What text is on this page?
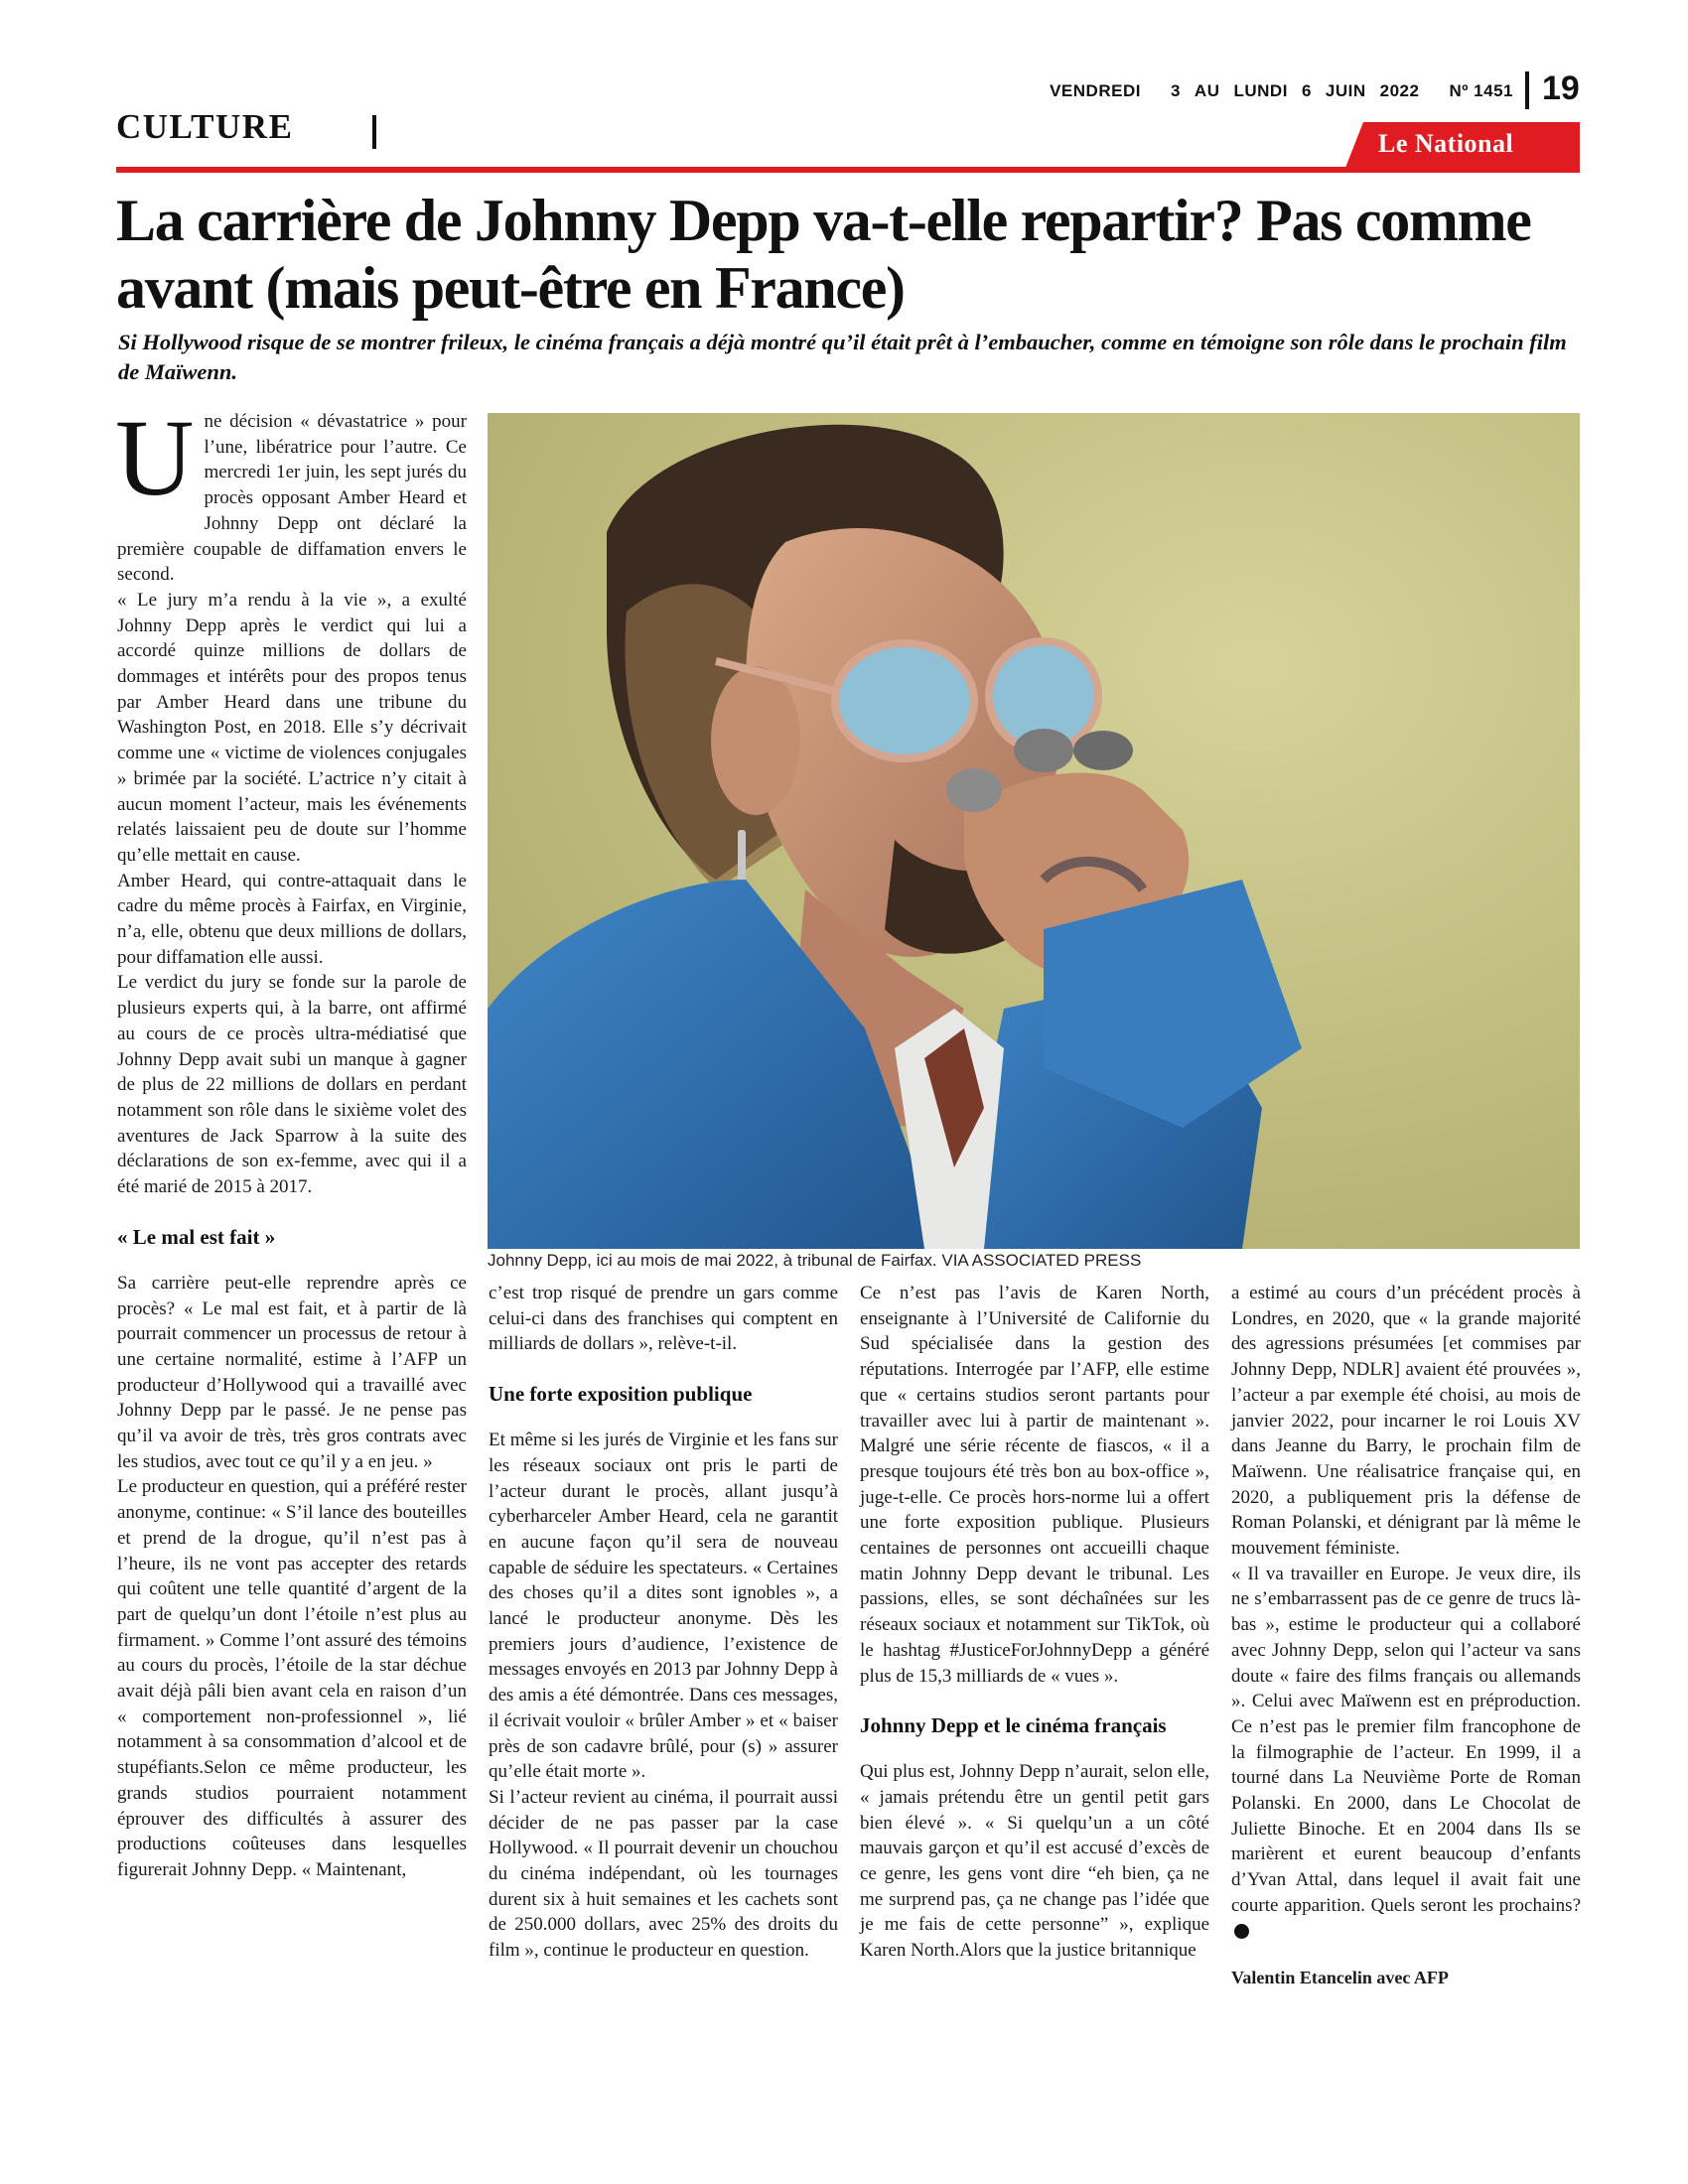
VENDREDI 3 AU LUNDI 6 JUIN 2022 Nº 1451 19
CULTURE	Le National
La carrière de Johnny Depp va-t-elle repartir? Pas comme avant (mais peut-être en France)

Si Hollywood risque de se montrer frileux, le cinéma français a déjà montré qu’il était prêt à l’embaucher, comme en témoigne son rôle dans le prochain film de Maïwenn.

Une décision « dévastatrice » pour l’une, libératrice pour l’autre. Ce mercredi 1er juin, les sept jurés du procès opposant Amber Heard et Johnny Depp ont déclaré la première coupable de diffamation envers le second.

« Le jury m’a rendu à la vie », a exulté Johnny Depp après le verdict qui lui a accordé quinze millions de dollars de dommages et intérêts pour des propos tenus par Amber Heard dans une tribune du Washington Post, en 2018. Elle s’y décrivait comme une « victime de violences conjugales » brimée par la société. L’actrice n’y citait à aucun moment l’acteur, mais les événements relatés laissaient peu de doute sur l’homme qu’elle mettait en cause.

Amber Heard, qui contre-attaquait dans le cadre du même procès à Fairfax, en Virginie, n’a, elle, obtenu que deux millions de dollars, pour diffamation elle aussi.

Le verdict du jury se fonde sur la parole de plusieurs experts qui, à la barre, ont affirmé au cours de ce procès ultra-médiatisé que Johnny Depp avait subi un manque à gagner de plus de 22 millions de dollars en perdant notamment son rôle dans le sixième volet des aventures de Jack Sparrow à la suite des déclarations de son ex-femme, avec qui il a été marié de 2015 à 2017.

« Le mal est fait »

Sa carrière peut-elle reprendre après ce procès? « Le mal est fait, et à partir de là pourrait commencer un processus de retour à une certaine normalité, estime à l’AFP un producteur d’Hollywood qui a travaillé avec Johnny Depp par le passé. Je ne pense pas qu’il va avoir de très, très gros contrats avec les studios, avec tout ce qu’il y a en jeu. »

Le producteur en question, qui a préféré rester anonyme, continue: « S’il lance des bouteilles et prend de la drogue, qu’il n’est pas à l’heure, ils ne vont pas accepter des retards qui coûtent une telle quantité d’argent de la part de quelqu’un dont l’étoile n’est plus au firmament. » Comme l’ont assuré des témoins au cours du procès, l’étoile de la star déchue avait déjà pâli bien avant cela en raison d’un « comportement non-professionnel », lié notamment à sa consommation d’alcool et de stupéfiants.Selon ce même producteur, les grands studios pourraient notamment éprouver des difficultés à assurer des productions coûteuses dans lesquelles figurerait Johnny Depp. « Maintenant,

Johnny Depp, ici au mois de mai 2022, à tribunal de Fairfax. VIA ASSOCIATED PRESS

c’est trop risqué de prendre un gars comme celui-ci dans des franchises qui comptent en milliards de dollars », relève-t-il.

Une forte exposition publique

Et même si les jurés de Virginie et les fans sur les réseaux sociaux ont pris le parti de l’acteur durant le procès, allant jusqu’à cyberharceler Amber Heard, cela ne garantit en aucune façon qu’il sera de nouveau capable de séduire les spectateurs. « Certaines des choses qu’il a dites sont ignobles », a lancé le producteur anonyme. Dès les premiers jours d’audience, l’existence de messages envoyés en 2013 par Johnny Depp à des amis a été démontrée. Dans ces messages, il écrivait vouloir « brûler Amber » et « baiser près de son cadavre brûlé, pour (s) » assurer qu’elle était morte ».

Si l’acteur revient au cinéma, il pourrait aussi décider de ne pas passer par la case Hollywood. « Il pourrait devenir un chouchou du cinéma indépendant, où les tournages durent six à huit semaines et les cachets sont de 250.000 dollars, avec 25% des droits du film », continue le producteur en question.

Ce n’est pas l’avis de Karen North, enseignante à l’Université de Californie du Sud spécialisée dans la gestion des réputations. Interrogée par l’AFP, elle estime que « certains studios seront partants pour travailler avec lui à partir de maintenant ». Malgré une série récente de fiascos, « il a presque toujours été très bon au box-office », juge-t-elle. Ce procès hors-norme lui a offert une forte exposition publique. Plusieurs centaines de personnes ont accueilli chaque matin Johnny Depp devant le tribunal. Les passions, elles, se sont déchaînées sur les réseaux sociaux et notamment sur TikTok, où le hashtag #JusticeForJohnnyDepp a généré plus de 15,3 milliards de « vues ».

Johnny Depp et le cinéma français

Qui plus est, Johnny Depp n’aurait, selon elle, « jamais prétendu être un gentil petit gars bien élevé ». « Si quelqu’un a un côté mauvais garçon et qu’il est accusé d’excès de ce genre, les gens vont dire “eh bien, ça ne me surprend pas, ça ne change pas l’idée que je me fais de cette personne” », explique Karen North.Alors que la justice britannique

a estimé au cours d’un précédent procès à Londres, en 2020, que « la grande majorité des agressions présumées [et commises par Johnny Depp, NDLR] avaient été prouvées », l’acteur a par exemple été choisi, au mois de janvier 2022, pour incarner le roi Louis XV dans Jeanne du Barry, le prochain film de Maïwenn. Une réalisatrice française qui, en 2020, a publiquement pris la défense de Roman Polanski, et dénigrant par là même le mouvement féministe.

« Il va travailler en Europe. Je veux dire, ils ne s’embarrassent pas de ce genre de trucs là-bas », estime le producteur qui a collaboré avec Johnny Depp, selon qui l’acteur va sans doute « faire des films français ou allemands ». Celui avec Maïwenn est en préproduction. Ce n’est pas le premier film francophone de la filmographie de l’acteur. En 1999, il a tourné dans La Neuvième Porte de Roman Polanski. En 2000, dans Le Chocolat de Juliette Binoche. Et en 2004 dans Ils se marièrent et eurent beaucoup d’enfants d’Yvan Attal, dans lequel il avait fait une courte apparition. Quels seront les prochains?

Valentin Etancelin avec AFP
